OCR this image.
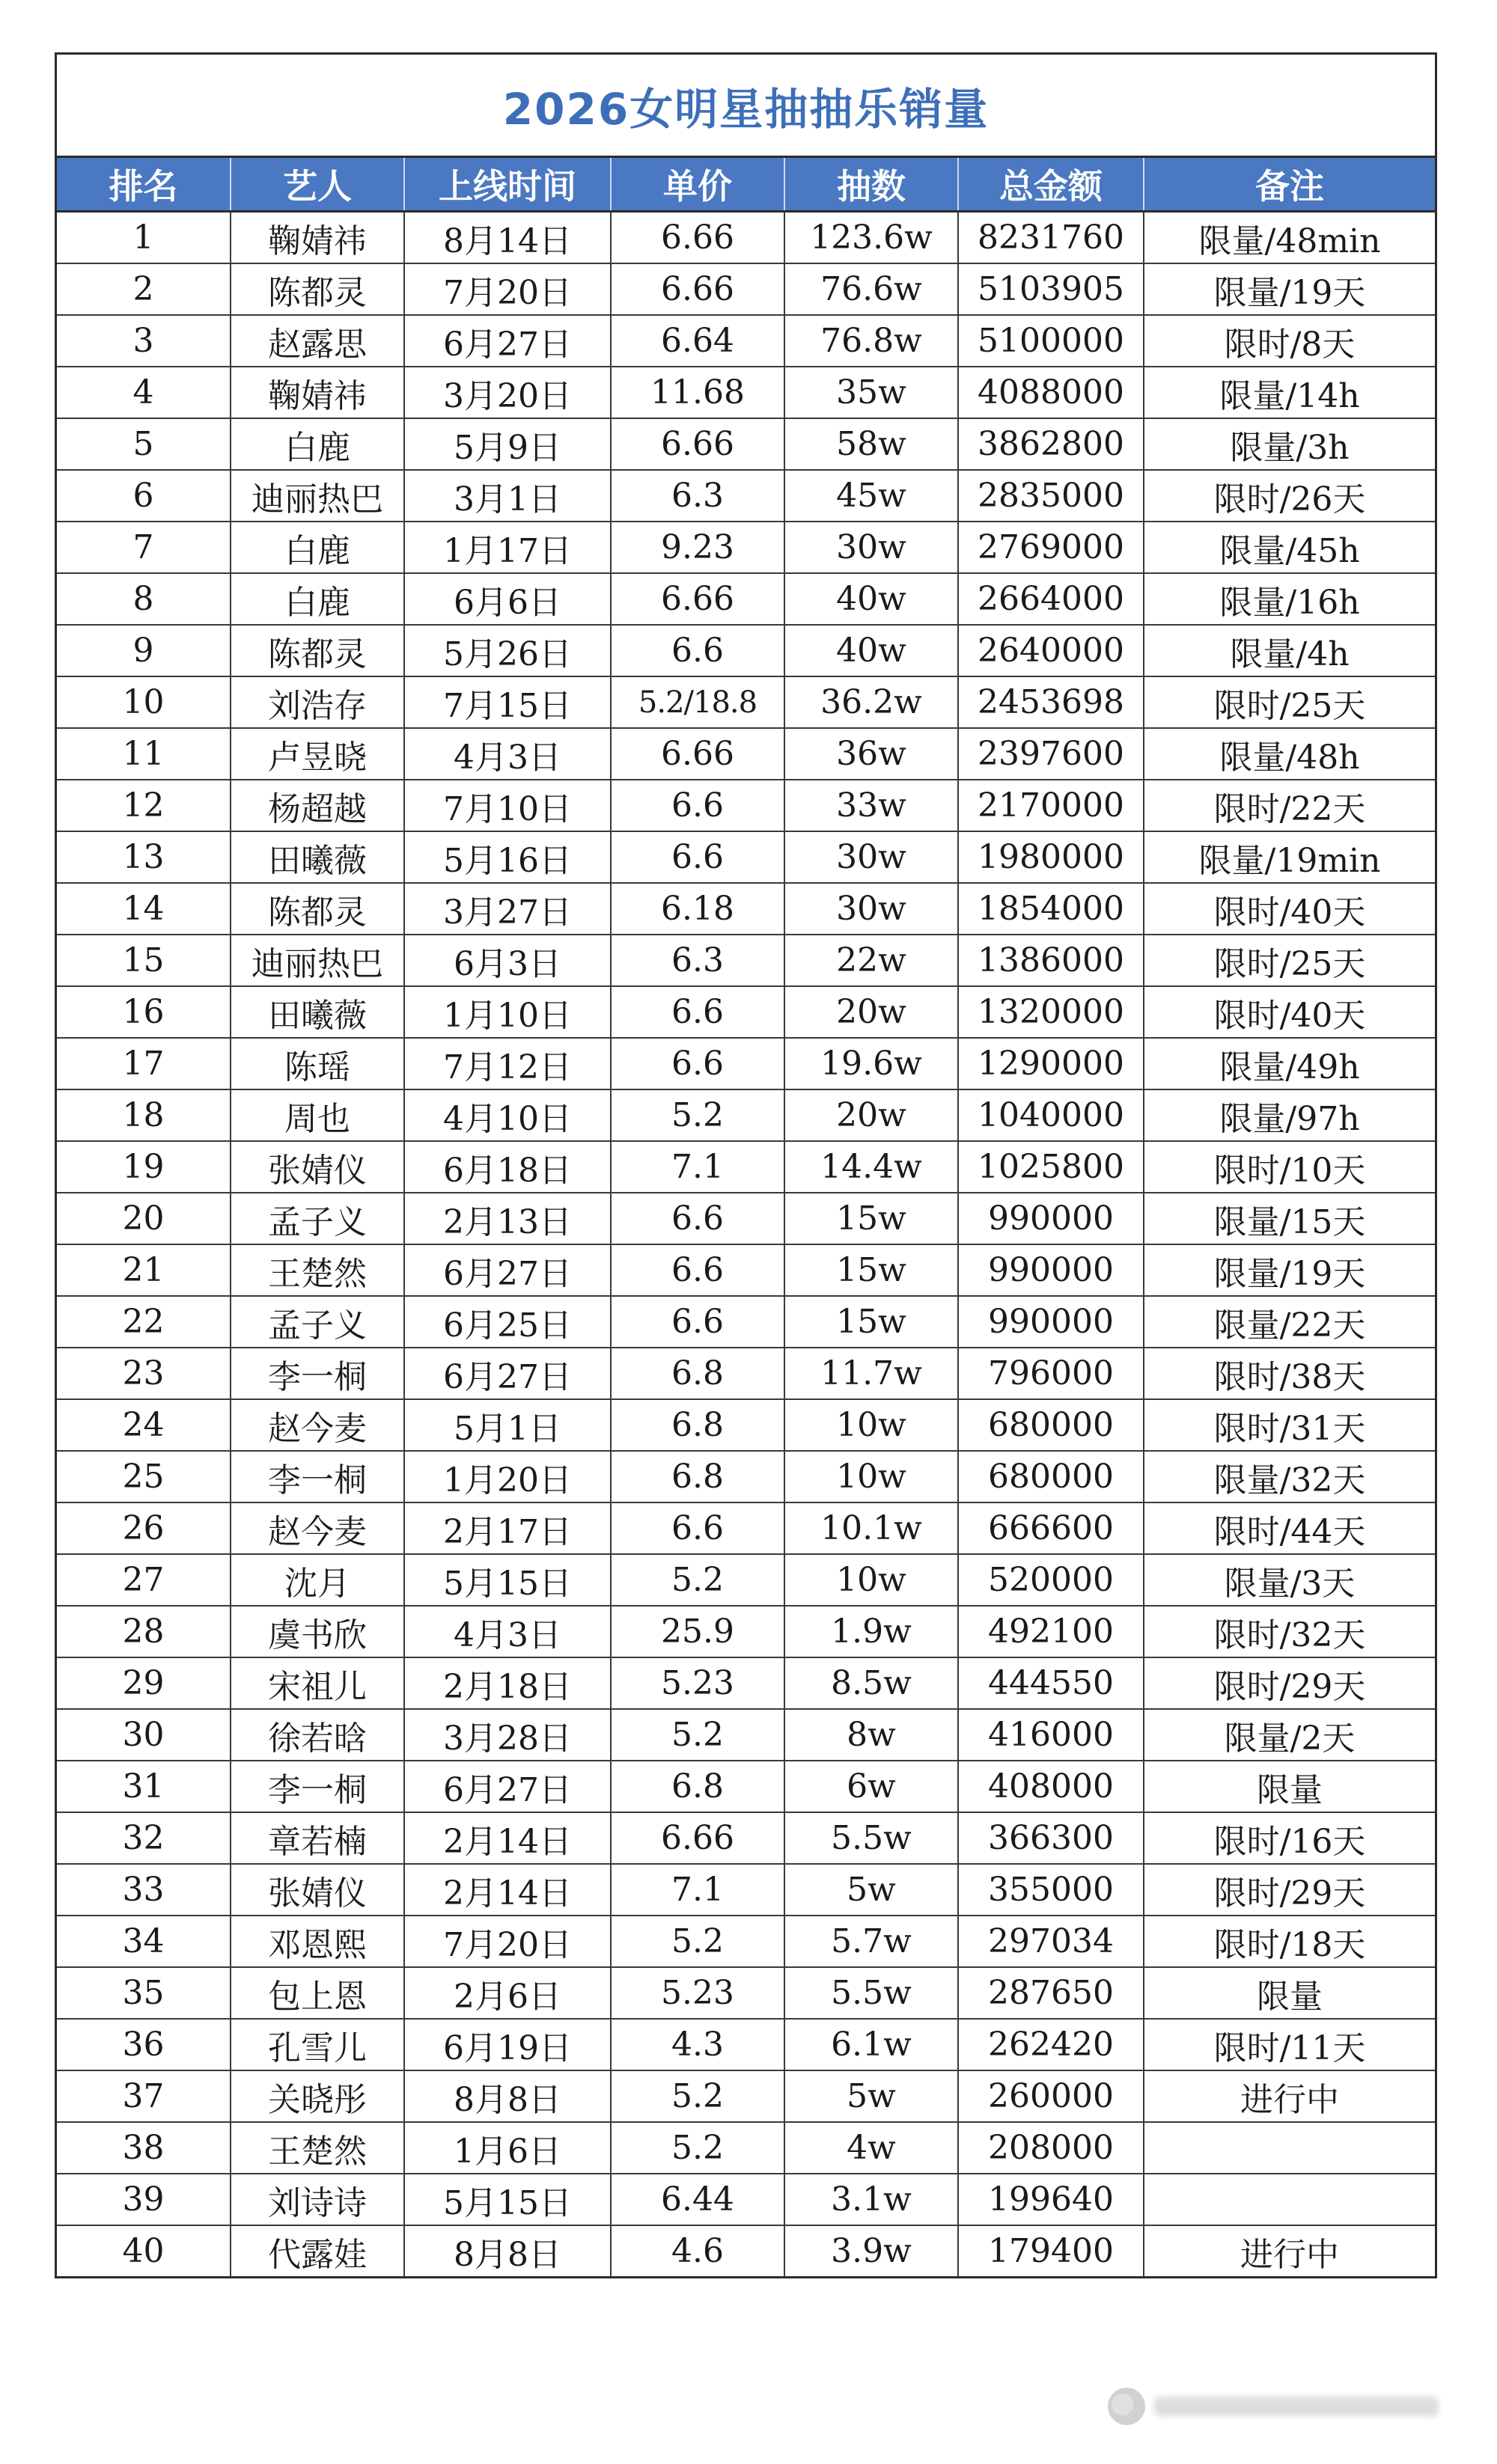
2026女明星抽抽乐销量
排名	艺人	上线时间	单价	抽数	总金额	备注
1	鞠婧祎	8月14日	6.66	123.6w	8231760	限量/48min
2	陈都灵	7月20日	6.66	76.6w	5103905	限量/19天
3	赵露思	6月27日	6.64	76.8w	5100000	限时/8天
4	鞠婧祎	3月20日	11.68	35w	4088000	限量/14h
5	白鹿	5月9日	6.66	58w	3862800	限量/3h
6	迪丽热巴	3月1日	6.3	45w	2835000	限时/26天
7	白鹿	1月17日	9.23	30w	2769000	限量/45h
8	白鹿	6月6日	6.66	40w	2664000	限量/16h
9	陈都灵	5月26日	6.6	40w	2640000	限量/4h
10	刘浩存	7月15日	5.2/18.8	36.2w	2453698	限时/25天
11	卢昱晓	4月3日	6.66	36w	2397600	限量/48h
12	杨超越	7月10日	6.6	33w	2170000	限时/22天
13	田曦薇	5月16日	6.6	30w	1980000	限量/19min
14	陈都灵	3月27日	6.18	30w	1854000	限时/40天
15	迪丽热巴	6月3日	6.3	22w	1386000	限时/25天
16	田曦薇	1月10日	6.6	20w	1320000	限时/40天
17	陈瑶	7月12日	6.6	19.6w	1290000	限量/49h
18	周也	4月10日	5.2	20w	1040000	限量/97h
19	张婧仪	6月18日	7.1	14.4w	1025800	限时/10天
20	孟子义	2月13日	6.6	15w	990000	限量/15天
21	王楚然	6月27日	6.6	15w	990000	限量/19天
22	孟子义	6月25日	6.6	15w	990000	限量/22天
23	李一桐	6月27日	6.8	11.7w	796000	限时/38天
24	赵今麦	5月1日	6.8	10w	680000	限时/31天
25	李一桐	1月20日	6.8	10w	680000	限量/32天
26	赵今麦	2月17日	6.6	10.1w	666600	限时/44天
27	沈月	5月15日	5.2	10w	520000	限量/3天
28	虞书欣	4月3日	25.9	1.9w	492100	限时/32天
29	宋祖儿	2月18日	5.23	8.5w	444550	限时/29天
30	徐若晗	3月28日	5.2	8w	416000	限量/2天
31	李一桐	6月27日	6.8	6w	408000	限量
32	章若楠	2月14日	6.66	5.5w	366300	限时/16天
33	张婧仪	2月14日	7.1	5w	355000	限时/29天
34	邓恩熙	7月20日	5.2	5.7w	297034	限时/18天
35	包上恩	2月6日	5.23	5.5w	287650	限量
36	孔雪儿	6月19日	4.3	6.1w	262420	限时/11天
37	关晓彤	8月8日	5.2	5w	260000	进行中
38	王楚然	1月6日	5.2	4w	208000	
39	刘诗诗	5月15日	6.44	3.1w	199640	
40	代露娃	8月8日	4.6	3.9w	179400	进行中
